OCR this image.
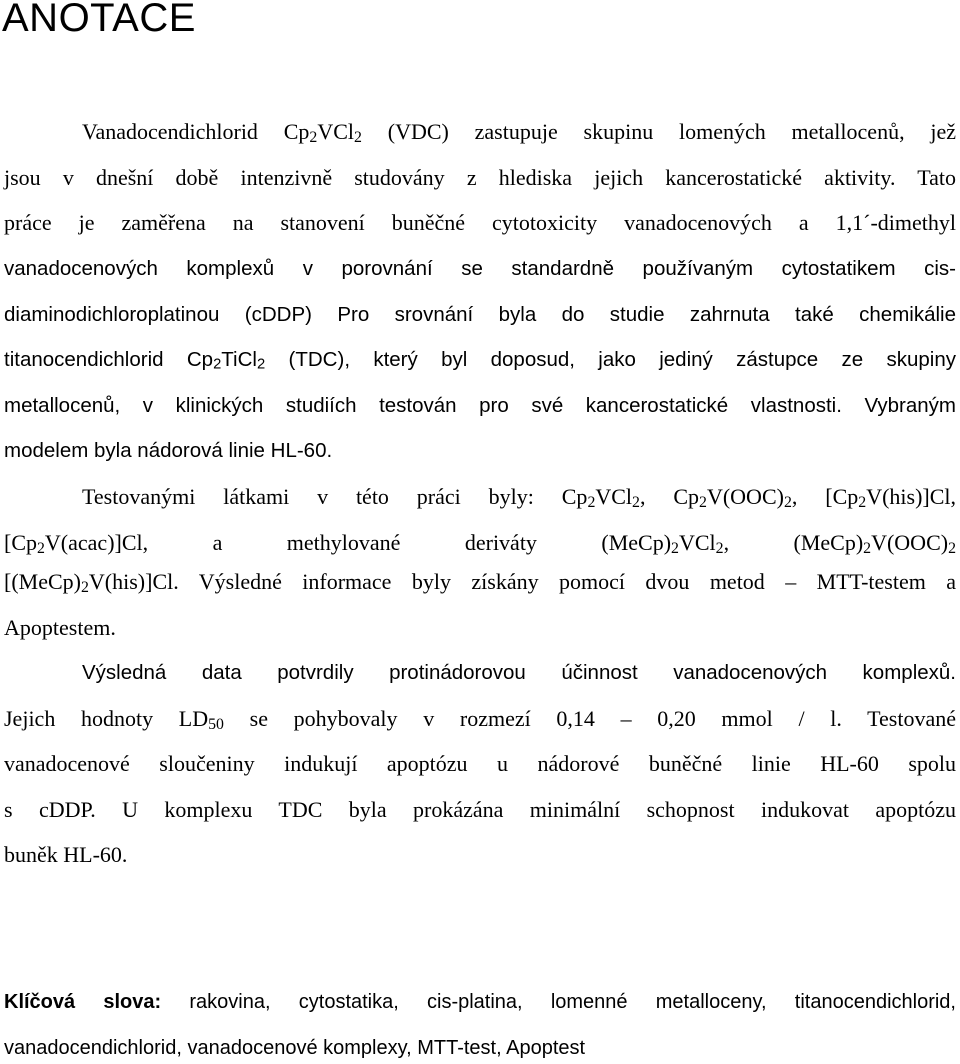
ANOTACE
Vanadocendichlorid $Cp_2VCl_2$ (VDC) zastupuje skupinu lomených metallocenů, jež
jsou v dnešní době intenzivně studovány z hlediska jejich kancerostatické aktivity. Tato
práce je zaměřena na stanovení buněčné cytotoxicity vanadocenových a 1,1´-dimethyl
vanadocenových komplexů v porovnání se standardně používaným cytostatikem cis-
diaminodichloroplatinou (cDDP) Pro srovnání byla do studie zahrnuta také chemikálie
titanocendichlorid $Cp_2TiCl_2$ (TDC), který byl doposud, jako jediný zástupce ze skupiny
metallocenů, v klinických studiích testován pro své kancerostatické vlastnosti. Vybraným
modelem byla nádorová linie HL-60.
Testovanými látkami v této práci byly: $Cp_2VCl_2$, $Cp_2V(OOC)_2$, $[Cp_2V(his)]Cl$,
$[Cp_2V(acac)]Cl$, a methylované deriváty $(MeCp)_2VCl_2$, $(MeCp)_2V(OOC)_2$
$[(MeCp)_2V(his)]Cl$. Výsledné informace byly získány pomocí dvou metod – MTT-testem a
Apoptestem.
Výsledná data potvrdily protinádorovou účinnost vanadocenových komplexů.
Jejich hodnoty $LD_{50}$ se pohybovaly v rozmezí 0,14 – 0,20 mmol / l. Testované
vanadocenové sloučeniny indukují apoptózu u nádorové buněčné linie HL-60 spolu
s cDDP. U komplexu TDC byla prokázána minimální schopnost indukovat apoptózu
buněk HL-60.
Klíčová slova: rakovina, cytostatika, cis-platina, lomenné metalloceny, titanocendichlorid,
vanadocendichlorid, vanadocenové komplexy, MTT-test, Apoptest
